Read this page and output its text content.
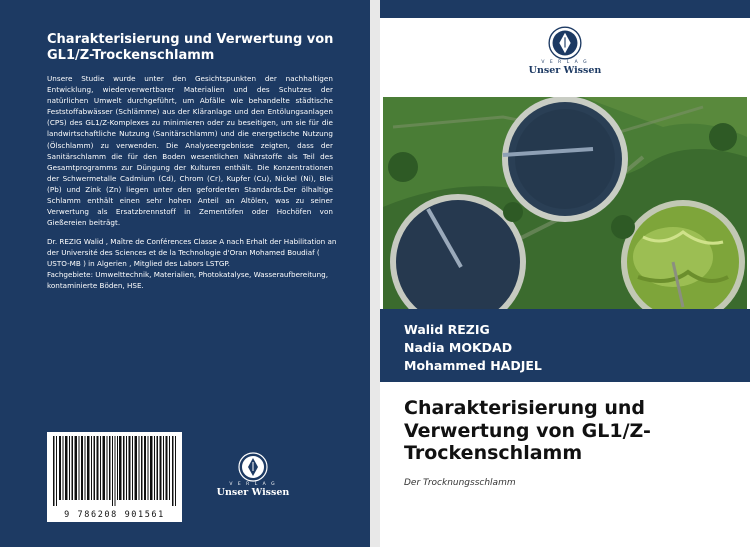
Charakterisierung und Verwertung von GL1/Z-Trockenschlamm
Unsere Studie wurde unter den Gesichtspunkten der nachhaltigen Entwicklung, wiederverwertbarer Materialien und des Schutzes der natürlichen Umwelt durchgeführt, um Abfälle wie behandelte städtische Feststoffabwässer (Schlämme) aus der Kläranlage und den Entölungsanlagen (CPS) des GL1/Z-Komplexes zu minimieren oder zu beseitigen, um sie für die landwirtschaftliche Nutzung (Sanitärschlamm) und die energetische Nutzung (Ölschlamm) zu verwenden. Die Analyseergebnisse zeigten, dass der Sanitärschlamm die für den Boden wesentlichen Nährstoffe als Teil des Gesamtprogramms zur Düngung der Kulturen enthält. Die Konzentrationen der Schwermetalle Cadmium (Cd), Chrom (Cr), Kupfer (Cu), Nickel (Ni), Blei (Pb) und Zink (Zn) liegen unter den geforderten Standards.Der ölhaltige Schlamm enthält einen sehr hohen Anteil an Altölen, was zu seiner Verwertung als Ersatzbrennstoff in Zementöfen oder Hochöfen von Gießereien beiträgt.

Dr. REZIG Walid , Maître de Conférences Classe A nach Erhalt der Habilitation an der Université des Sciences et de la Technologie d'Oran Mohamed Boudiaf ( USTO-MB ) in Algerien , Mitglied des Labors LSTGP.

Fachgebiete: Umwelttechnik, Materialien, Photokatalyse, Wasseraufbereitung, kontaminierte Böden, HSE.

9 786208 901561
V E R L A G
Unser Wissen
V E R L A G
Unser Wissen
Walid REZIG
Nadia MOKDAD
Mohammed HADJEL
Charakterisierung und Verwertung von GL1/Z-Trockenschlamm
Der Trocknungsschlamm
